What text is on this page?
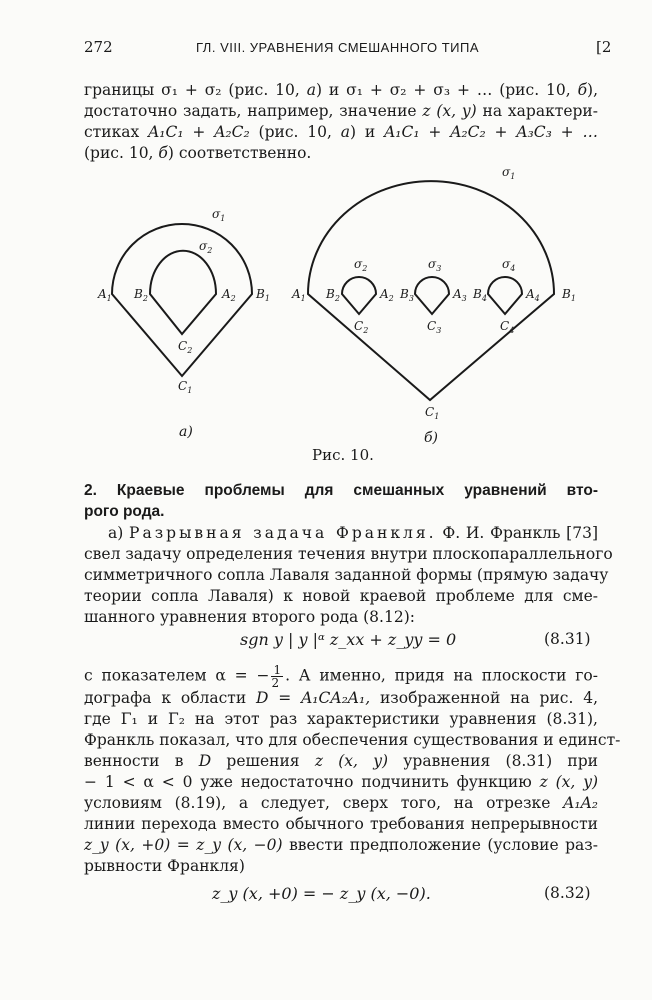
272	ГЛ. VIII. УРАВНЕНИЯ СМЕШАННОГО ТИПА	[2
границы σ₁ + σ₂ (рис. 10, а) и σ₁ + σ₂ + σ₃ + … (рис. 10, б),
достаточно задать, например, значение z (x, y) на характери-
стиках A₁C₁ + A₂C₂ (рис. 10, а) и A₁C₁ + A₂C₂ + A₃C₃ + …
(рис. 10, б) соответственно.
$\sigma_1$
$\sigma_2$
$A_1$ $B_2$	$A_2$ $B_1$
$C_2$
$C_1$
$\sigma_1$
$\sigma_2$	$\sigma_3$	$\sigma_4$
$A_1$ $B_2$	$A_2$ $B_3$	$A_3$ $B_4$	$A_4$ $B_1$
$C_2$	$C_3$	$C_4$
$C_1$
а)	б)
Рис. 10.
2. Краевые проблемы для смешанных уравнений вто-
рого рода.
а) Разрывная задача Франкля. Ф. И. Франкль [73]
свел задачу определения течения внутри плоскопараллельного
симметричного сопла Лаваля заданной формы (прямую задачу
теории сопла Лаваля) к новой краевой проблеме для сме-
шанного уравнения второго рода (8.12):
sgn y | y |ᵅ z_xx + z_yy = 0	(8.31)
с показателем α = − $\frac{1}{2}$ . А именно, придя на плоскости го-
дографа к области D = A₁CA₂A₁, изображенной на рис. 4,
где Γ₁ и Γ₂ на этот раз характеристики уравнения (8.31),
Франкль показал, что для обеспечения существования и единст-
венности в D решения z (x, y) уравнения (8.31) при
− 1 < α < 0 уже недостаточно подчинить функцию z (x, y)
условиям (8.19), а следует, сверх того, на отрезке A₁A₂
линии перехода вместо обычного требования непрерывности
z_y (x, +0) = z_y (x, −0) ввести предположение (условие раз-
рывности Франкля)
z_y (x, +0) = − z_y (x, −0).	(8.32)
